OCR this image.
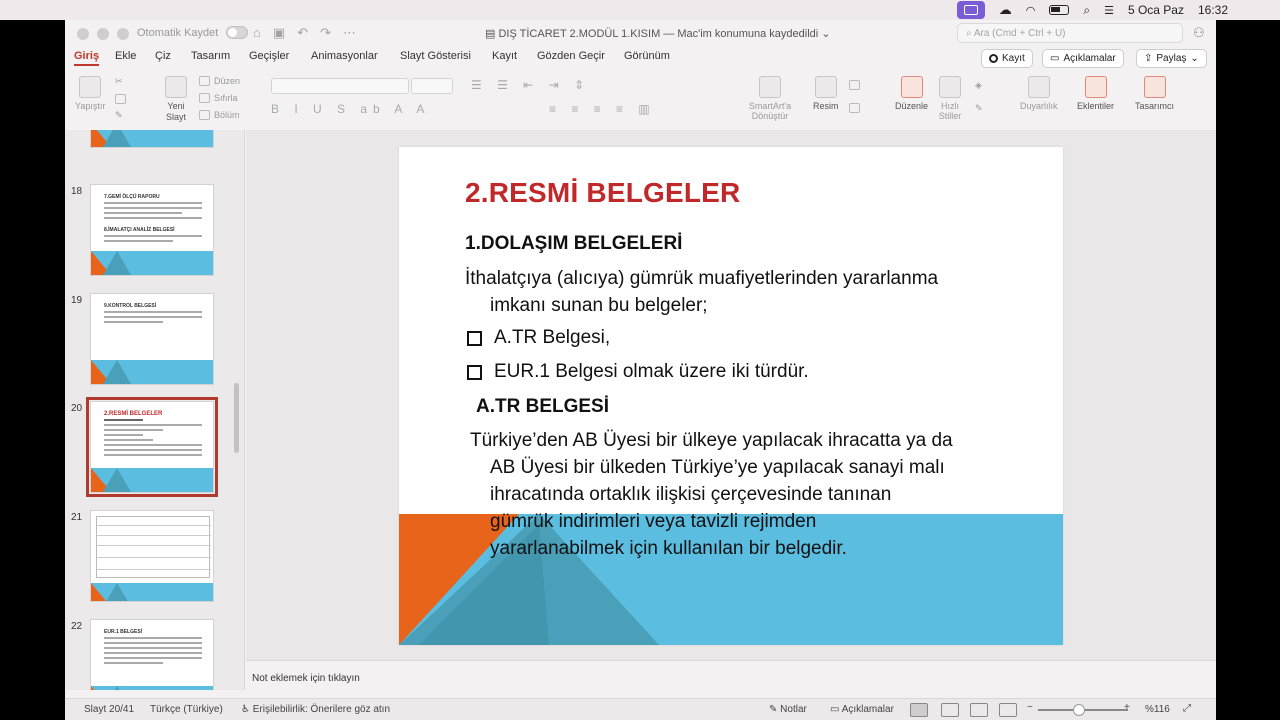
☁ ◠	⌕ ☰ 5 Oca Paz 16:32
Otomatik Kaydet	⌂ ▣ ↶ ↷ ⋯	▤ DIŞ TİCARET 2.MODÜL 1.KISIM — Mac'im konumuna kaydedildi ⌄	⌕ Ara (Cmd + Ctrl + U)	⚇
Giriş Ekle Çiz Tasarım Geçişler Animasyonlar Slayt Gösterisi Kayıt Gözden Geçir Görünüm	Kayıt	▭ Açıklamalar	⇪ Paylaş ⌄
Yapıştır
✂
✎
Yeni Slayt
Düzen
Sıfırla
Bölüm	B I U S ab A A
☰ ☰ ⇤ ⇥ ⇕
≡ ≡ ≡ ≡ ▥	SmartArt'a Dönüştür
Resim	Düzenle	Hızlı Stiller
◈
✎	Duyarlılık Eklentiler Tasarımcı
18	7.GEMİ ÖLÇÜ RAPORU
8.İMALATÇI ANALİZ BELGESİ
19	9.KONTROL BELGESİ
20	2.RESMİ BELGELER
21
22	EUR.1 BELGESİ
2.RESMİ BELGELER
1.DOLAŞIM BELGELERİ
İthalatçıya (alıcıya) gümrük muafiyetlerinden yararlanma
imkanı sunan bu belgeler;
A.TR Belgesi,
EUR.1 Belgesi olmak üzere iki türdür.
A.TR BELGESİ
Türkiye’den AB Üyesi bir ülkeye yapılacak ihracatta ya da
AB Üyesi bir ülkeden Türkiye’ye yapılacak sanayi malı
ihracatında ortaklık ilişkisi çerçevesinde tanınan
gümrük indirimleri veya tavizli rejimden
yararlanabilmek için kullanılan bir belgedir.
Not eklemek için tıklayın
Slayt 20/41 Türkçe (Türkiye) ♿ Erişilebilirlik: Önerilere göz atın	✎ Notlar ▭ Açıklamalar	−	+ %116 ⤢
